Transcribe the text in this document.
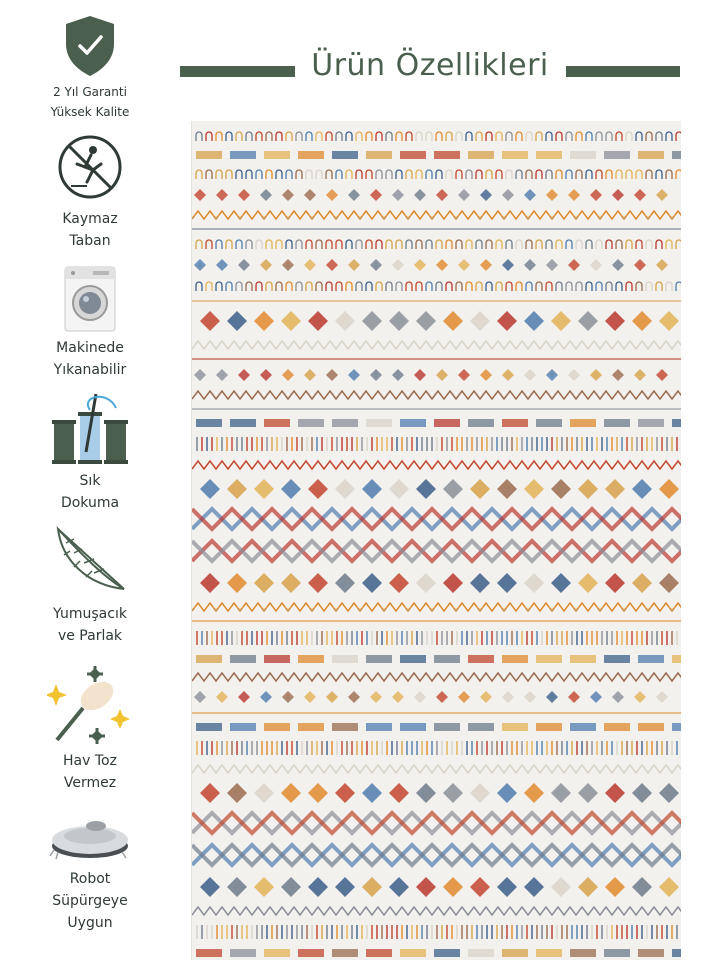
2 Yıl Garanti
Yüksek Kalite
Kaymaz
Taban
Makinede
Yıkanabilir
Sık
Dokuma
Yumuşacık
ve Parlak
Hav Toz
Vermez
Robot
Süpürgeye
Uygun
Ürün Özellikleri
